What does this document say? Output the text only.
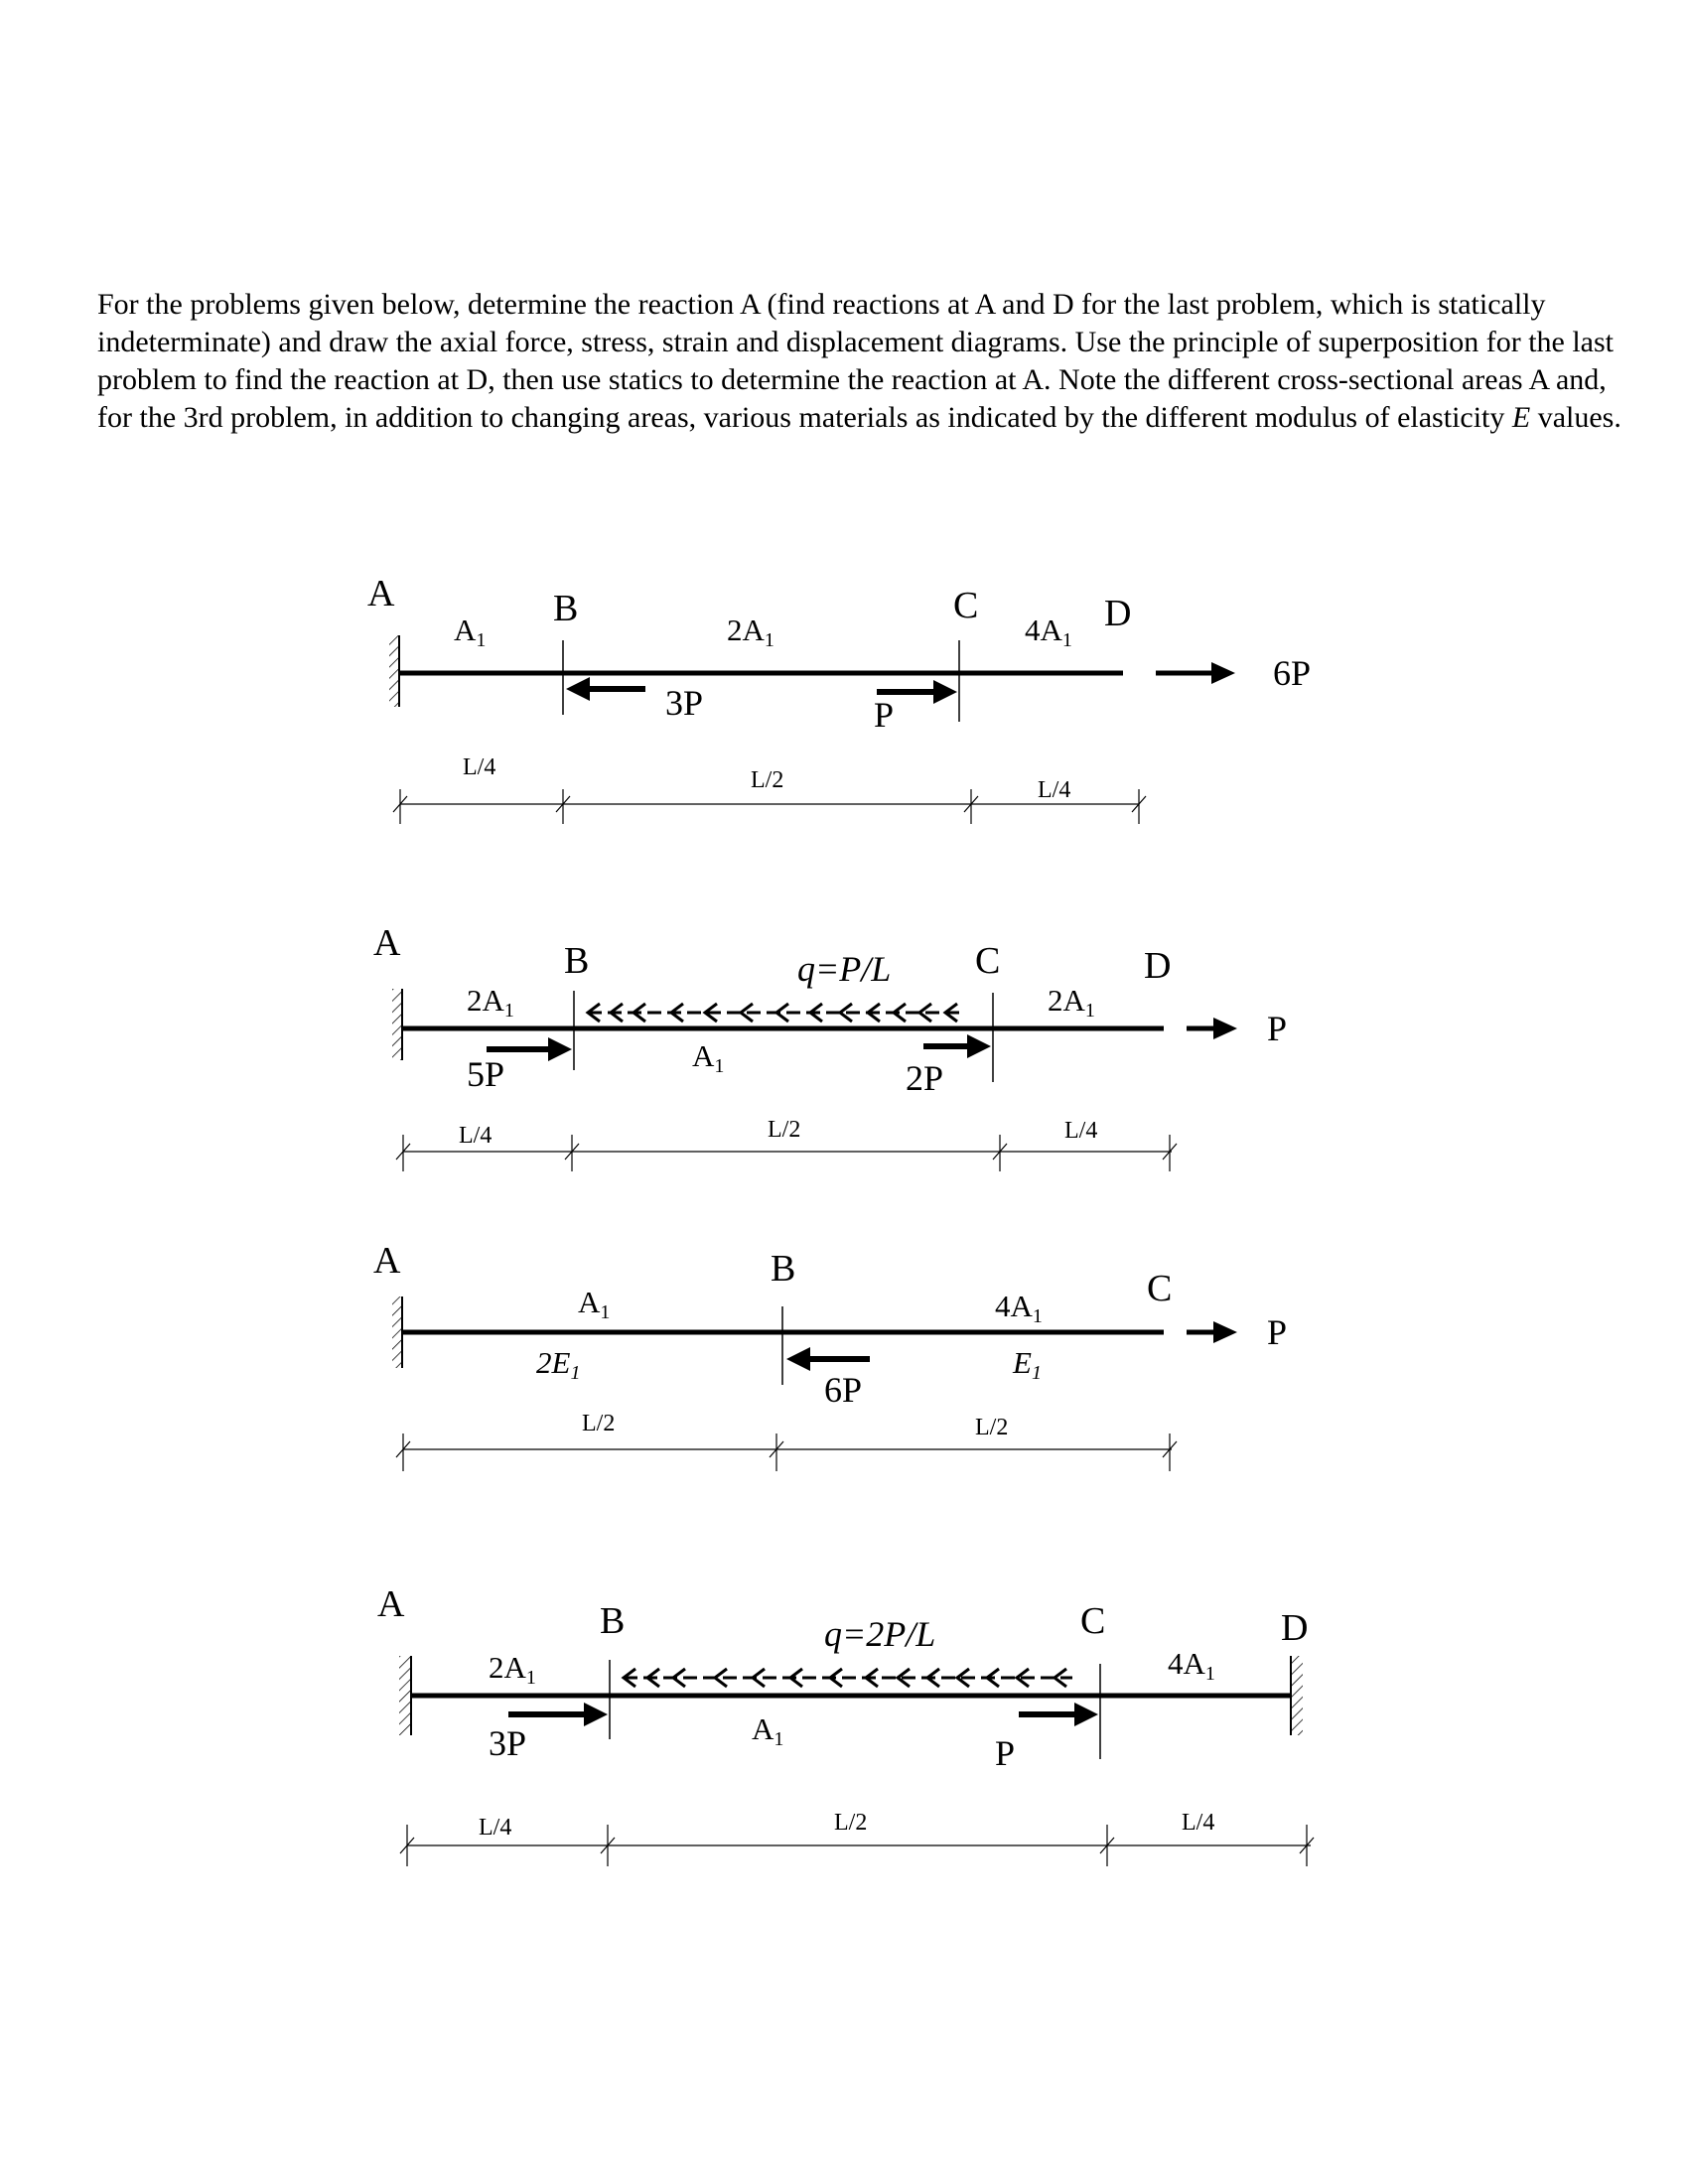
For the problems given below, determine the reaction A (find reactions at A and D for the last problem, which is statically indeterminate) and draw the axial force, stress, strain and displacement diagrams. Use the principle of superposition for the last problem to find the reaction at D, then use statics to determine the reaction at A. Note the different cross-sectional areas A and, for the 3rd problem, in addition to changing areas, various materials as indicated by the different modulus of elasticity E values.

A	B	C	D
A1	2A1	4A1
3P	P
6P
L/4	L/2	L/4
A	B	C	D
2A1
A1
2A1
q=P/L
5P	2P
P
L/4	L/2	L/4
A	B	C
A1
2E1
4A1
E1
6P
P
L/2	L/2
A	B	C	D
2A1
A1
4A1
q=2P/L
3P	P
L/4	L/2	L/4
